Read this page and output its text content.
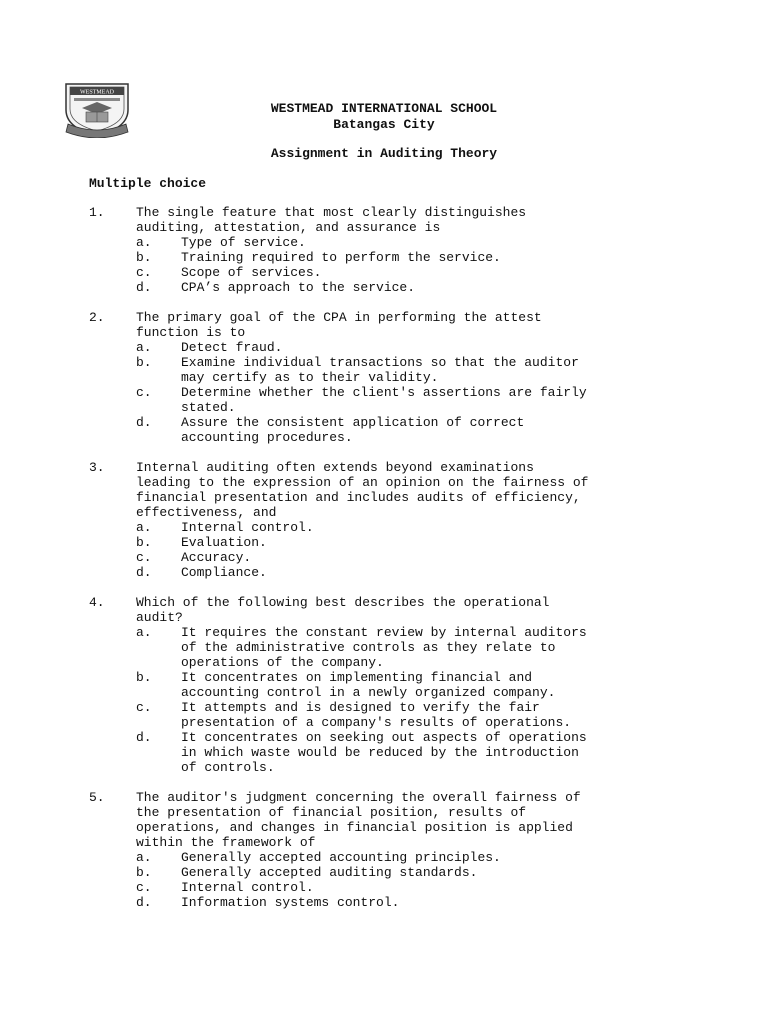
WESTMEAD
WESTMEAD INTERNATIONAL SCHOOL
Batangas City
Assignment in Auditing Theory
Multiple choice
1. The single feature that most clearly distinguishes
auditing, attestation, and assurance is
a. Type of service.
b. Training required to perform the service.
c. Scope of services.
d. CPA’s approach to the service.
2. The primary goal of the CPA in performing the attest
function is to
a. Detect fraud.
b. Examine individual transactions so that the auditor
may certify as to their validity.
c. Determine whether the client's assertions are fairly
stated.
d. Assure the consistent application of correct
accounting procedures.
3. Internal auditing often extends beyond examinations
leading to the expression of an opinion on the fairness of
financial presentation and includes audits of efficiency,
effectiveness, and
a. Internal control.
b. Evaluation.
c. Accuracy.
d. Compliance.
4. Which of the following best describes the operational
audit?
a. It requires the constant review by internal auditors
of the administrative controls as they relate to
operations of the company.
b. It concentrates on implementing financial and
accounting control in a newly organized company.
c. It attempts and is designed to verify the fair
presentation of a company's results of operations.
d. It concentrates on seeking out aspects of operations
in which waste would be reduced by the introduction
of controls.
5. The auditor's judgment concerning the overall fairness of
the presentation of financial position, results of
operations, and changes in financial position is applied
within the framework of
a. Generally accepted accounting principles.
b. Generally accepted auditing standards.
c. Internal control.
d. Information systems control.
